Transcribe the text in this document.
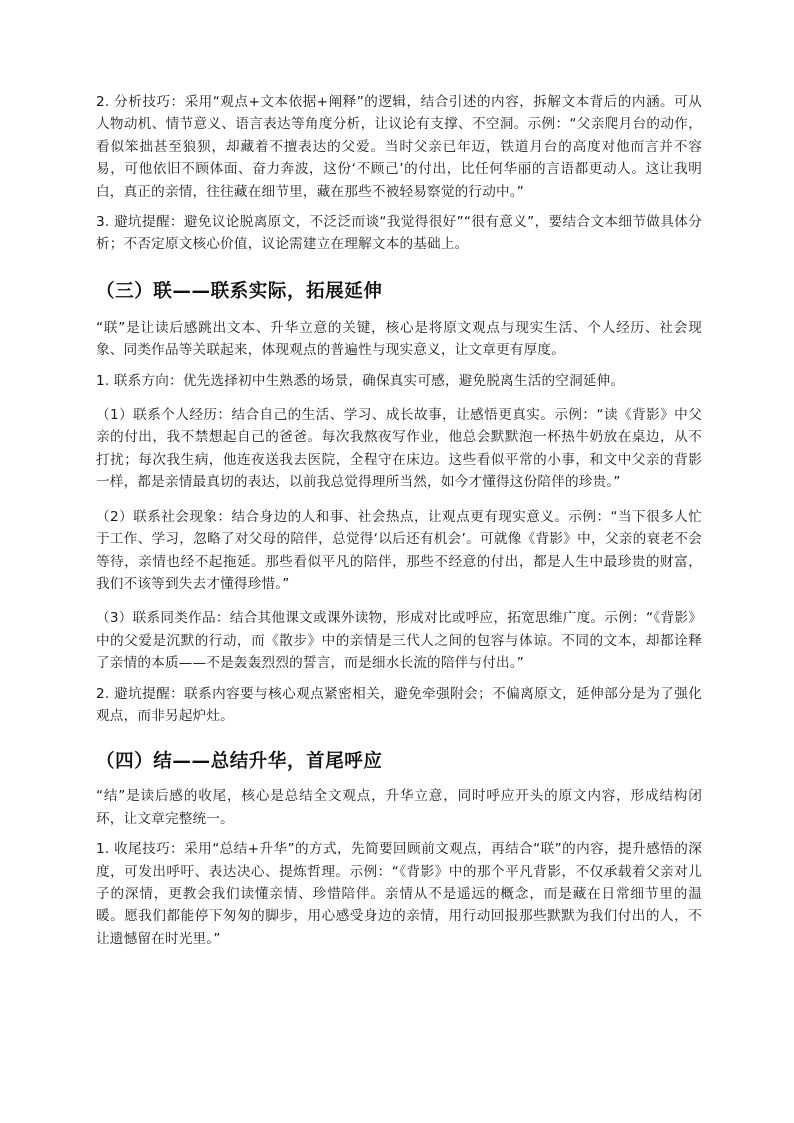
2. 分析技巧：采用“观点+文本依据+阐释”的逻辑，结合引述的内容，拆解文本背后的内涵。可从人物动机、情节意义、语言表达等角度分析，让议论有支撑、不空洞。示例：“父亲爬月台的动作，看似笨拙甚至狼狈，却藏着不擅表达的父爱。当时父亲已年迈，铁道月台的高度对他而言并不容易，可他依旧不顾体面、奋力奔波，这份‘不顾己’的付出，比任何华丽的言语都更动人。这让我明白，真正的亲情，往往藏在细节里，藏在那些不被轻易察觉的行动中。”

3. 避坑提醒：避免议论脱离原文，不泛泛而谈“我觉得很好”“很有意义”，要结合文本细节做具体分析；不否定原文核心价值，议论需建立在理解文本的基础上。

（三）联——联系实际，拓展延伸

“联”是让读后感跳出文本、升华立意的关键，核心是将原文观点与现实生活、个人经历、社会现象、同类作品等关联起来，体现观点的普遍性与现实意义，让文章更有厚度。

1. 联系方向：优先选择初中生熟悉的场景，确保真实可感，避免脱离生活的空洞延伸。

（1）联系个人经历：结合自己的生活、学习、成长故事，让感悟更真实。示例：“读《背影》中父亲的付出，我不禁想起自己的爸爸。每次我熬夜写作业，他总会默默泡一杯热牛奶放在桌边，从不打扰；每次我生病，他连夜送我去医院，全程守在床边。这些看似平常的小事，和文中父亲的背影一样，都是亲情最真切的表达，以前我总觉得理所当然，如今才懂得这份陪伴的珍贵。”

（2）联系社会现象：结合身边的人和事、社会热点，让观点更有现实意义。示例：“当下很多人忙于工作、学习，忽略了对父母的陪伴，总觉得‘以后还有机会’。可就像《背影》中，父亲的衰老不会等待，亲情也经不起拖延。那些看似平凡的陪伴，那些不经意的付出，都是人生中最珍贵的财富，我们不该等到失去才懂得珍惜。”

（3）联系同类作品：结合其他课文或课外读物，形成对比或呼应，拓宽思维广度。示例：“《背影》中的父爱是沉默的行动，而《散步》中的亲情是三代人之间的包容与体谅。不同的文本，却都诠释了亲情的本质——不是轰轰烈烈的誓言，而是细水长流的陪伴与付出。”

2. 避坑提醒：联系内容要与核心观点紧密相关，避免牵强附会；不偏离原文，延伸部分是为了强化观点，而非另起炉灶。

（四）结——总结升华，首尾呼应

“结”是读后感的收尾，核心是总结全文观点，升华立意，同时呼应开头的原文内容，形成结构闭环，让文章完整统一。

1. 收尾技巧：采用“总结+升华”的方式，先简要回顾前文观点，再结合“联”的内容，提升感悟的深度，可发出呼吁、表达决心、提炼哲理。示例：“《背影》中的那个平凡背影，不仅承载着父亲对儿子的深情，更教会我们读懂亲情、珍惜陪伴。亲情从不是遥远的概念，而是藏在日常细节里的温暖。愿我们都能停下匆匆的脚步，用心感受身边的亲情，用行动回报那些默默为我们付出的人，不让遗憾留在时光里。”
